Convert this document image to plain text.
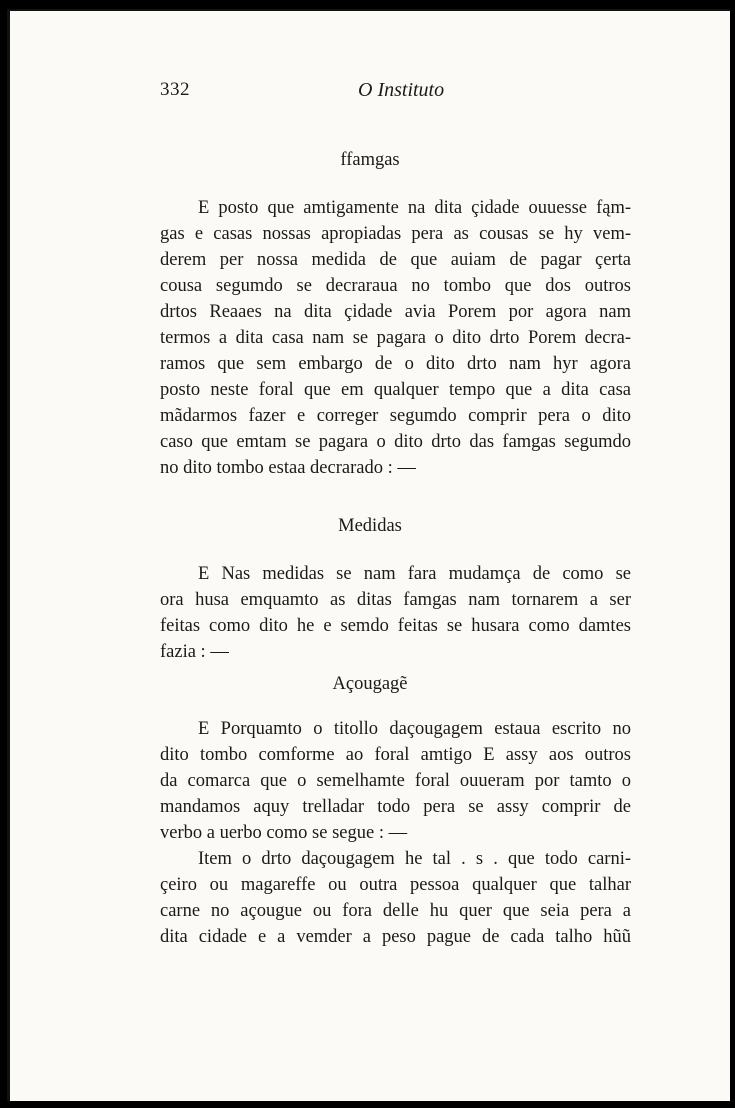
332	O Instituto
ffamgas
E posto que amtigamente na dita çidade ouuesse fąm-
gas e casas nossas apropiadas pera as cousas se hy vem-
derem per nossa medida de que auiam de pagar çerta
cousa segumdo se decraraua no tombo que dos outros
drtos Reaaes na dita çidade avia Porem por agora nam
termos a dita casa nam se pagara o dito drto Porem decra-
ramos que sem embargo de o dito drto nam hyr agora
posto neste foral que em qualquer tempo que a dita casa
mãdarmos fazer e correger segumdo comprir pera o dito
caso que emtam se pagara o dito drto das famgas segumdo
no dito tombo estaa decrarado : —
Medidas
E Nas medidas se nam fara mudamça de como se
ora husa emquamto as ditas famgas nam tornarem a ser
feitas como dito he e semdo feitas se husara como damtes
fazia : —
Açougagẽ
E Porquamto o titollo daçougagem estaua escrito no
dito tombo comforme ao foral amtigo E assy aos outros
da comarca que o semelhamte foral ouueram por tamto o
mandamos aquy trelladar todo pera se assy comprir de
verbo a uerbo como se segue : —
Item o drto daçougagem he tal . s . que todo carni-
çeiro ou magareffe ou outra pessoa qualquer que talhar
carne no açougue ou fora delle hu quer que seia pera a
dita cidade e a vemder a peso pague de cada talho hũũ
